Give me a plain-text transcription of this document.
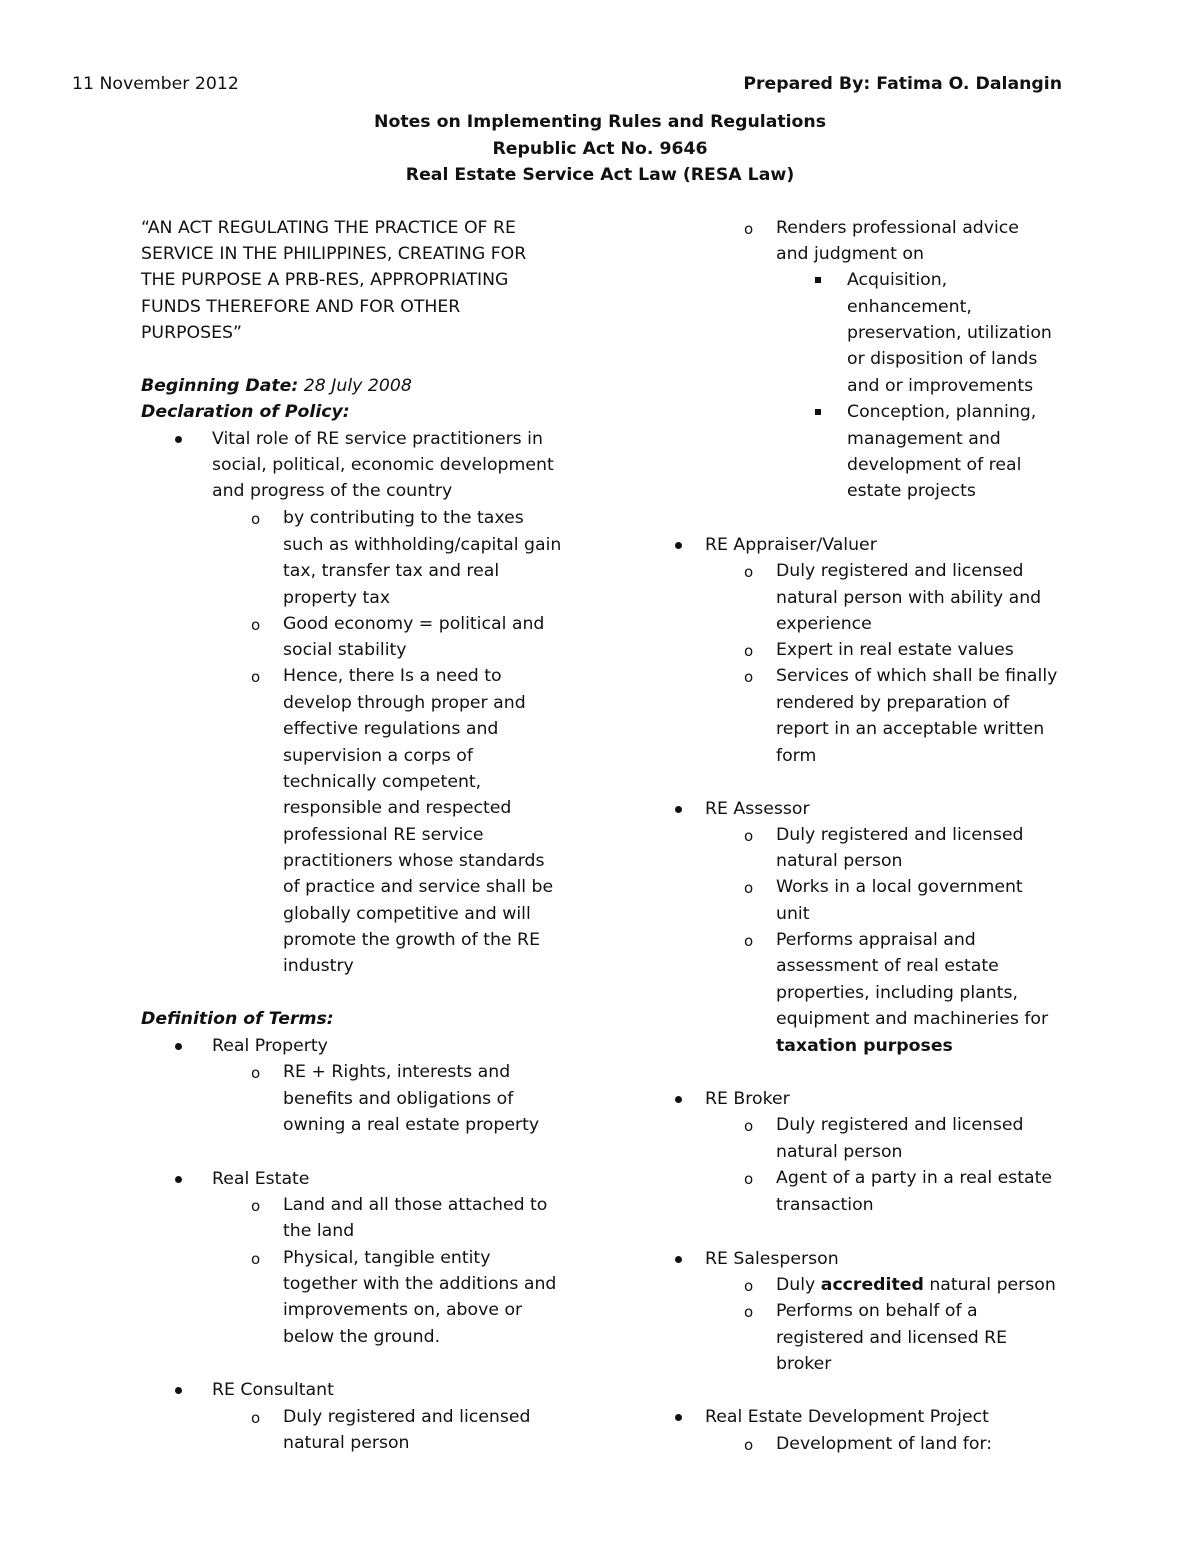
11 November 2012	Prepared By: Fatima O. Dalangin
Notes on Implementing Rules and Regulations
Republic Act No. 9646
Real Estate Service Act Law (RESA Law)
“AN ACT REGULATING THE PRACTICE OF RE
SERVICE IN THE PHILIPPINES, CREATING FOR
THE PURPOSE A PRB-RES, APPROPRIATING
FUNDS THEREFORE AND FOR OTHER
PURPOSES”
Beginning Date: 28 July 2008
Declaration of Policy:
Vital role of RE service practitioners in
social, political, economic development
and progress of the country
o by contributing to the taxes
such as withholding/capital gain
tax, transfer tax and real
property tax
o Good economy = political and
social stability
o Hence, there Is a need to
develop through proper and
effective regulations and
supervision a corps of
technically competent,
responsible and respected
professional RE service
practitioners whose standards
of practice and service shall be
globally competitive and will
promote the growth of the RE
industry
Definition of Terms:
Real Property
o RE + Rights, interests and
benefits and obligations of
owning a real estate property
Real Estate
o Land and all those attached to
the land
o Physical, tangible entity
together with the additions and
improvements on, above or
below the ground.
RE Consultant
o Duly registered and licensed
natural person
o Renders professional advice
and judgment on
Acquisition,
enhancement,
preservation, utilization
or disposition of lands
and or improvements
Conception, planning,
management and
development of real
estate projects
RE Appraiser/Valuer
o Duly registered and licensed
natural person with ability and
experience
o Expert in real estate values
o Services of which shall be finally
rendered by preparation of
report in an acceptable written
form
RE Assessor
o Duly registered and licensed
natural person
o Works in a local government
unit
o Performs appraisal and
assessment of real estate
properties, including plants,
equipment and machineries for
taxation purposes
RE Broker
o Duly registered and licensed
natural person
o Agent of a party in a real estate
transaction
RE Salesperson
o Duly accredited natural person
o Performs on behalf of a
registered and licensed RE
broker
Real Estate Development Project
o Development of land for:
